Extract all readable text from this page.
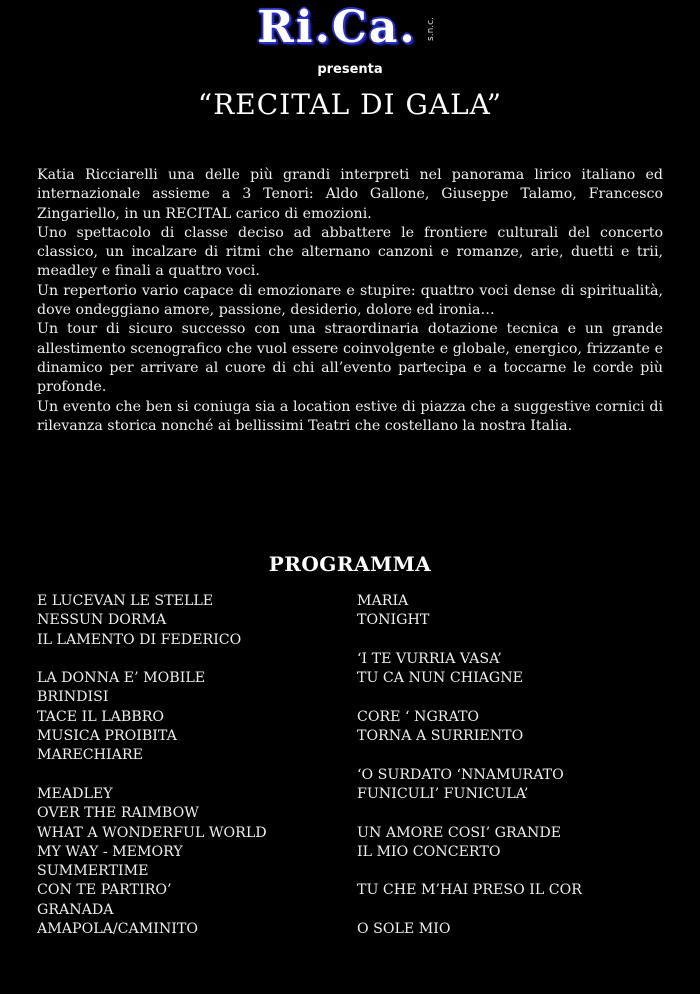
Ri.Ca. s.n.c.
presenta
“RECITAL DI GALA”

Katia Ricciarelli una delle più grandi interpreti nel panorama lirico italiano ed internazionale assieme a 3 Tenori: Aldo Gallone, Giuseppe Talamo, Francesco Zingariello, in un RECITAL carico di emozioni.

Uno spettacolo di classe deciso ad abbattere le frontiere culturali del concerto classico, un incalzare di ritmi che alternano canzoni e romanze, arie, duetti e trii, meadley e finali a quattro voci.

Un repertorio vario capace di emozionare e stupire: quattro voci dense di spiritualità, dove ondeggiano amore, passione, desiderio, dolore ed ironia…

Un tour di sicuro successo con una straordinaria dotazione tecnica e un grande allestimento scenografico che vuol essere coinvolgente e globale, energico, frizzante e dinamico per arrivare al cuore di chi all’evento partecipa e a toccarne le corde più profonde.

Un evento che ben si coniuga sia a location estive di piazza che a suggestive cornici di rilevanza storica nonché ai bellissimi Teatri che costellano la nostra Italia.

PROGRAMMA
E LUCEVAN LE STELLE
NESSUN DORMA
IL LAMENTO DI FEDERICO
LA DONNA E’ MOBILE
BRINDISI
TACE IL LABBRO
MUSICA PROIBITA
MARECHIARE
MEADLEY
OVER THE RAIMBOW
WHAT A WONDERFUL WORLD
MY WAY - MEMORY
SUMMERTIME
CON TE PARTIRO’
GRANADA
AMAPOLA/CAMINITO
MARIA
TONIGHT
‘I TE VURRIA VASA’
TU CA NUN CHIAGNE
CORE ‘ NGRATO
TORNA A SURRIENTO
‘O SURDATO ‘NNAMURATO
FUNICULI’ FUNICULA’
UN AMORE COSI’ GRANDE
IL MIO CONCERTO
TU CHE M’HAI PRESO IL COR
O SOLE MIO
